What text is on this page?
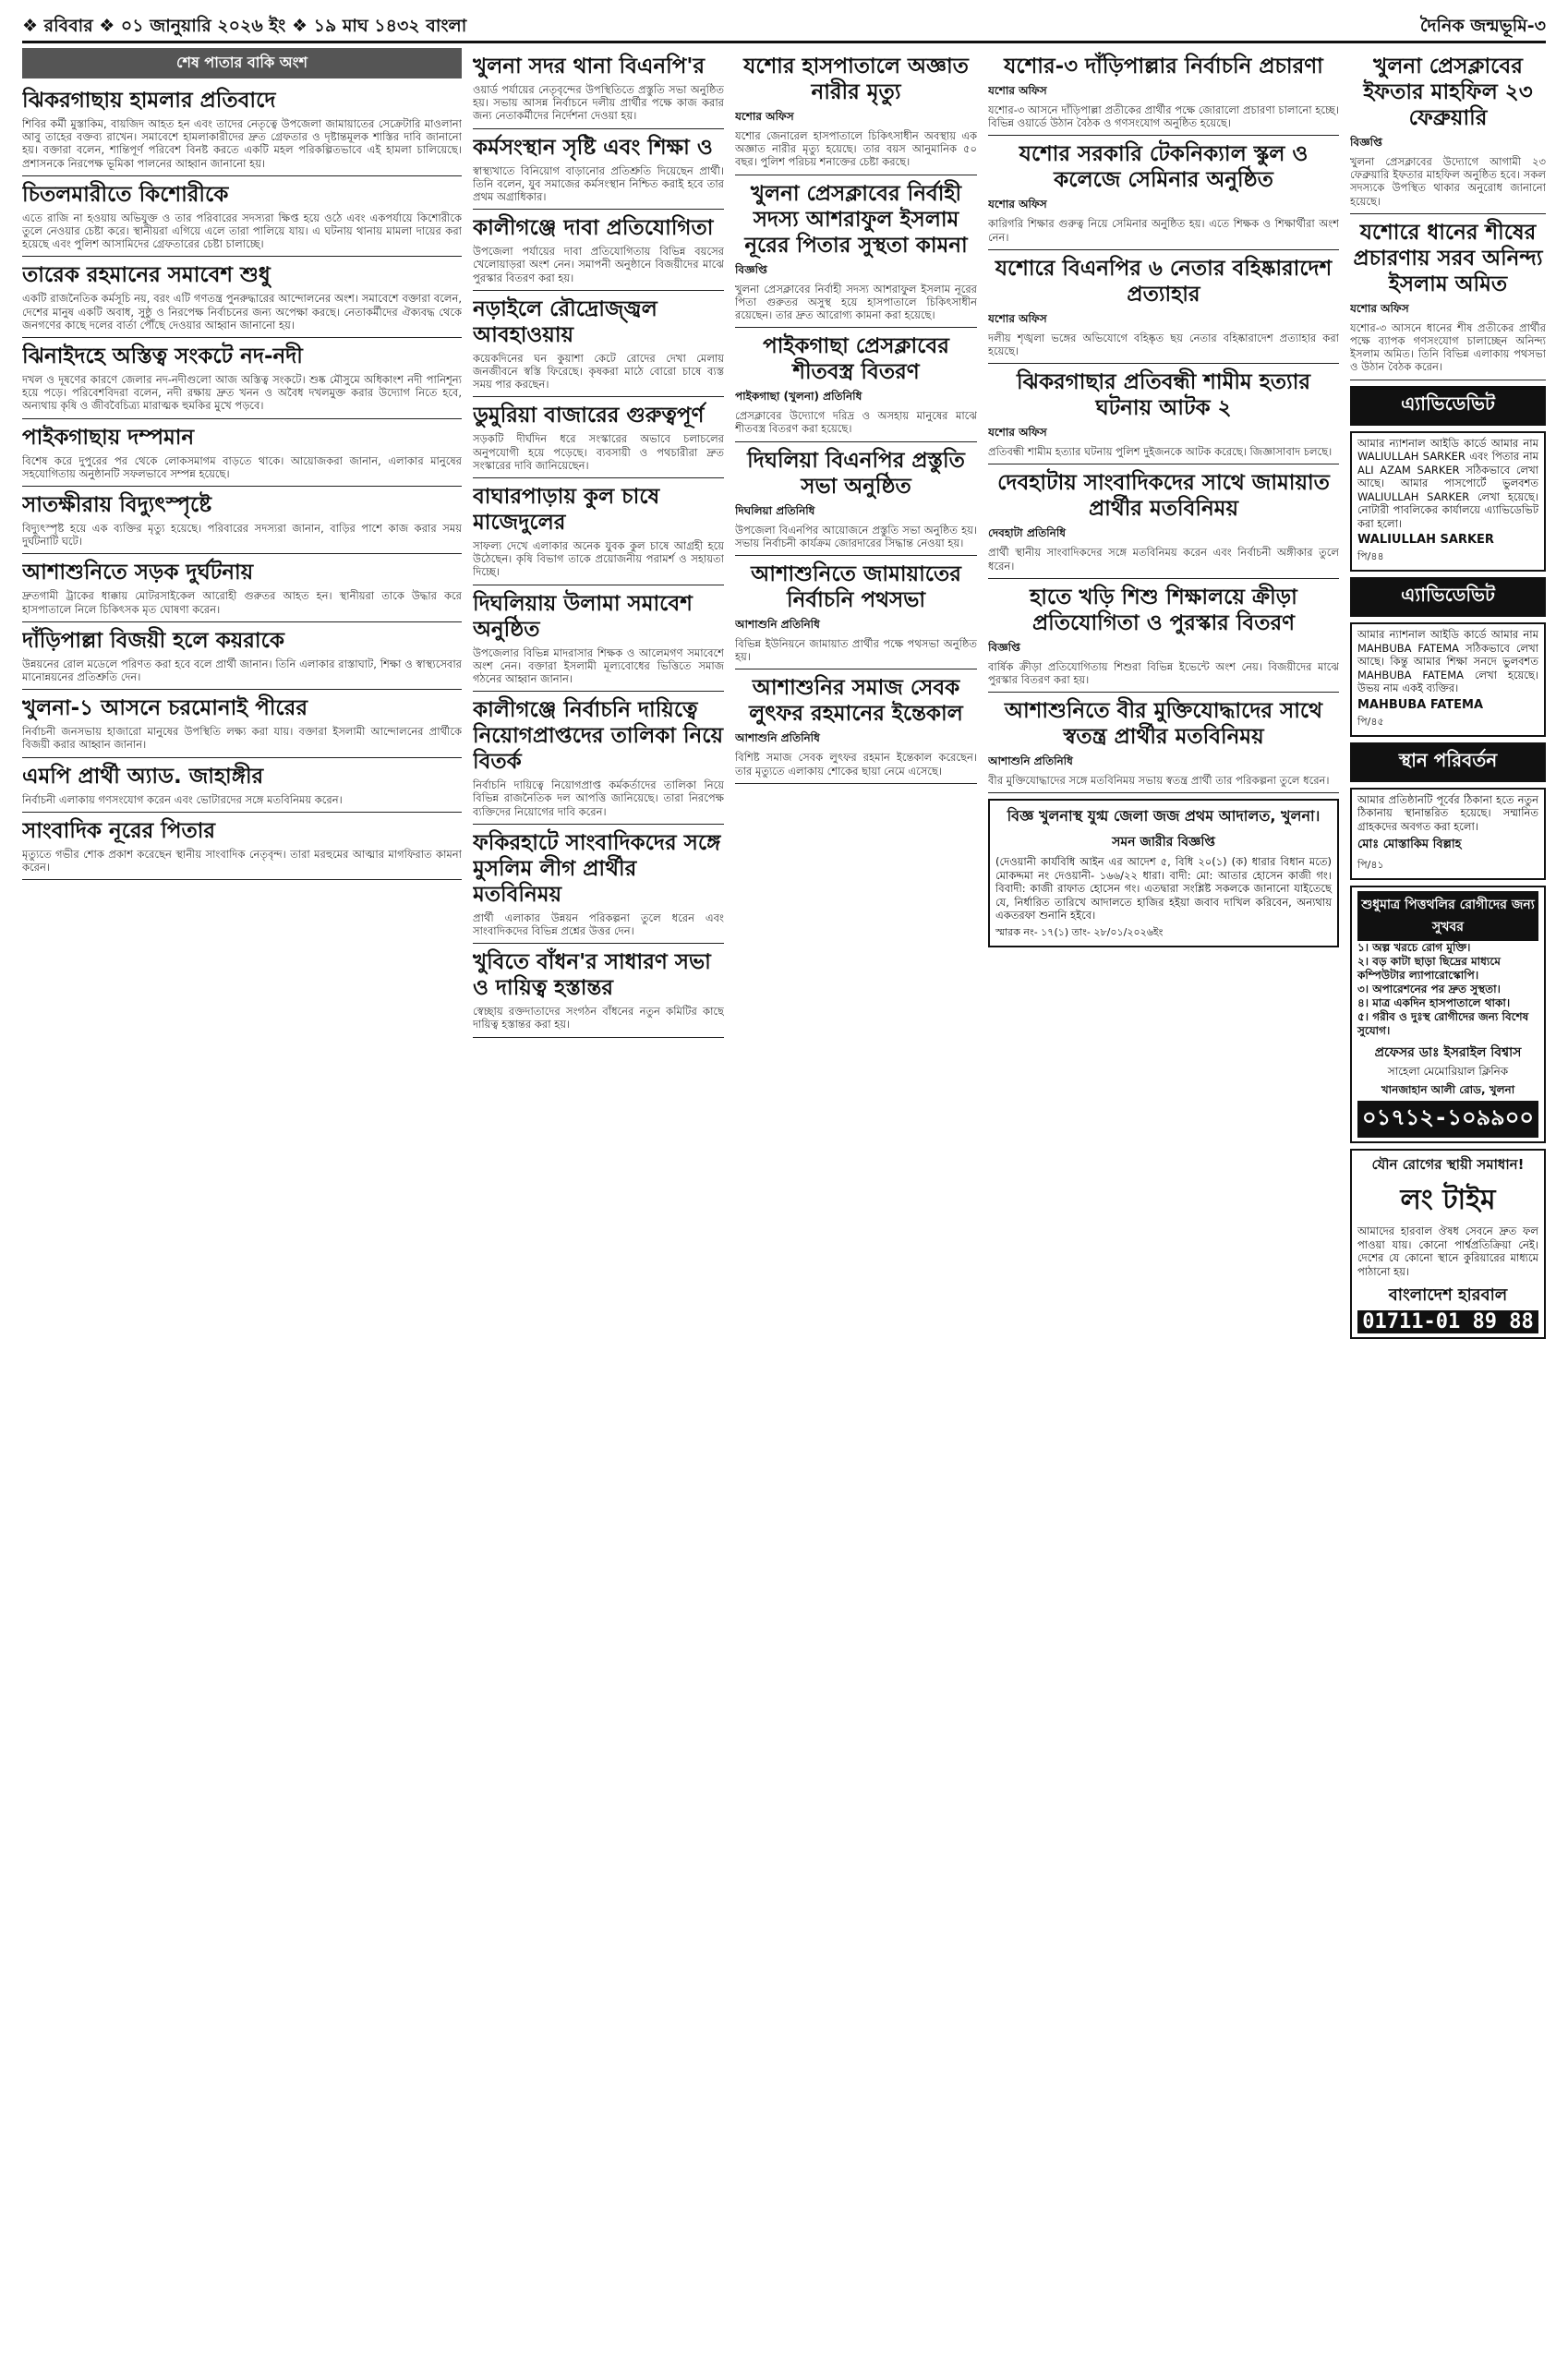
❖ রবিবার ❖ ০১ জানুয়ারি ২০২৬ ইং ❖ ১৯ মাঘ ১৪৩২ বাংলা	দৈনিক জন্মভূমি-৩
শেষ পাতার বাকি অংশ
ঝিকরগাছায় হামলার প্রতিবাদে

শিবির কর্মী মুস্তাকিম, বায়জিদ আহত হন এবং তাদের নেতৃত্বে উপজেলা জামায়াতের সেক্রেটারি মাওলানা আবু তাহের বক্তব্য রাখেন। সমাবেশে হামলাকারীদের দ্রুত গ্রেফতার ও দৃষ্টান্তমূলক শাস্তির দাবি জানানো হয়। বক্তারা বলেন, শান্তিপূর্ণ পরিবেশ বিনষ্ট করতে একটি মহল পরিকল্পিতভাবে এই হামলা চালিয়েছে। প্রশাসনকে নিরপেক্ষ ভূমিকা পালনের আহ্বান জানানো হয়।

চিতলমারীতে কিশোরীকে

এতে রাজি না হওয়ায় অভিযুক্ত ও তার পরিবারের সদস্যরা ক্ষিপ্ত হয়ে ওঠে এবং একপর্যায়ে কিশোরীকে তুলে নেওয়ার চেষ্টা করে। স্থানীয়রা এগিয়ে এলে তারা পালিয়ে যায়। এ ঘটনায় থানায় মামলা দায়ের করা হয়েছে এবং পুলিশ আসামিদের গ্রেফতারের চেষ্টা চালাচ্ছে।

তারেক রহমানের সমাবেশ শুধু

একটি রাজনৈতিক কর্মসূচি নয়, বরং এটি গণতন্ত্র পুনরুদ্ধারের আন্দোলনের অংশ। সমাবেশে বক্তারা বলেন, দেশের মানুষ একটি অবাধ, সুষ্ঠু ও নিরপেক্ষ নির্বাচনের জন্য অপেক্ষা করছে। নেতাকর্মীদের ঐক্যবদ্ধ থেকে জনগণের কাছে দলের বার্তা পৌঁছে দেওয়ার আহ্বান জানানো হয়।

ঝিনাইদহে অস্তিত্ব সংকটে নদ-নদী

দখল ও দূষণের কারণে জেলার নদ-নদীগুলো আজ অস্তিত্ব সংকটে। শুষ্ক মৌসুমে অধিকাংশ নদী পানিশূন্য হয়ে পড়ে। পরিবেশবিদরা বলেন, নদী রক্ষায় দ্রুত খনন ও অবৈধ দখলমুক্ত করার উদ্যোগ নিতে হবে, অন্যথায় কৃষি ও জীববৈচিত্র্য মারাত্মক হুমকির মুখে পড়বে।

পাইকগাছায় দম্পমান

বিশেষ করে দুপুরের পর থেকে লোকসমাগম বাড়তে থাকে। আয়োজকরা জানান, এলাকার মানুষের সহযোগিতায় অনুষ্ঠানটি সফলভাবে সম্পন্ন হয়েছে।

সাতক্ষীরায় বিদ্যুৎস্পৃষ্টে

বিদ্যুৎস্পৃষ্ট হয়ে এক ব্যক্তির মৃত্যু হয়েছে। পরিবারের সদস্যরা জানান, বাড়ির পাশে কাজ করার সময় দুর্ঘটনাটি ঘটে।

আশাশুনিতে সড়ক দুর্ঘটনায়

দ্রুতগামী ট্রাকের ধাক্কায় মোটরসাইকেল আরোহী গুরুতর আহত হন। স্থানীয়রা তাকে উদ্ধার করে হাসপাতালে নিলে চিকিৎসক মৃত ঘোষণা করেন।

দাঁড়িপাল্লা বিজয়ী হলে কয়রাকে

উন্নয়নের রোল মডেলে পরিণত করা হবে বলে প্রার্থী জানান। তিনি এলাকার রাস্তাঘাট, শিক্ষা ও স্বাস্থ্যসেবার মানোন্নয়নের প্রতিশ্রুতি দেন।

খুলনা-১ আসনে চরমোনাই পীরের

নির্বাচনী জনসভায় হাজারো মানুষের উপস্থিতি লক্ষ্য করা যায়। বক্তারা ইসলামী আন্দোলনের প্রার্থীকে বিজয়ী করার আহ্বান জানান।

এমপি প্রার্থী অ্যাড. জাহাঙ্গীর

নির্বাচনী এলাকায় গণসংযোগ করেন এবং ভোটারদের সঙ্গে মতবিনিময় করেন।

সাংবাদিক নূরের পিতার

মৃত্যুতে গভীর শোক প্রকাশ করেছেন স্থানীয় সাংবাদিক নেতৃবৃন্দ। তারা মরহুমের আত্মার মাগফিরাত কামনা করেন।

খুলনা সদর থানা বিএনপি'র

ওয়ার্ড পর্যায়ের নেতৃবৃন্দের উপস্থিতিতে প্রস্তুতি সভা অনুষ্ঠিত হয়। সভায় আসন্ন নির্বাচনে দলীয় প্রার্থীর পক্ষে কাজ করার জন্য নেতাকর্মীদের নির্দেশনা দেওয়া হয়।

কর্মসংস্থান সৃষ্টি এবং শিক্ষা ও

স্বাস্থ্যখাতে বিনিয়োগ বাড়ানোর প্রতিশ্রুতি দিয়েছেন প্রার্থী। তিনি বলেন, যুব সমাজের কর্মসংস্থান নিশ্চিত করাই হবে তার প্রথম অগ্রাধিকার।

কালীগঞ্জে দাবা প্রতিযোগিতা

উপজেলা পর্যায়ের দাবা প্রতিযোগিতায় বিভিন্ন বয়সের খেলোয়াড়রা অংশ নেন। সমাপনী অনুষ্ঠানে বিজয়ীদের মাঝে পুরস্কার বিতরণ করা হয়।

নড়াইলে রৌদ্রোজ্জ্বল আবহাওয়ায়

কয়েকদিনের ঘন কুয়াশা কেটে রোদের দেখা মেলায় জনজীবনে স্বস্তি ফিরেছে। কৃষকরা মাঠে বোরো চাষে ব্যস্ত সময় পার করছেন।

ডুমুরিয়া বাজারের গুরুত্বপূর্ণ

সড়কটি দীর্ঘদিন ধরে সংস্কারের অভাবে চলাচলের অনুপযোগী হয়ে পড়েছে। ব্যবসায়ী ও পথচারীরা দ্রুত সংস্কারের দাবি জানিয়েছেন।

বাঘারপাড়ায় কুল চাষে মাজেদুলের

সাফল্য দেখে এলাকার অনেক যুবক কুল চাষে আগ্রহী হয়ে উঠেছেন। কৃষি বিভাগ তাকে প্রয়োজনীয় পরামর্শ ও সহায়তা দিচ্ছে।

দিঘলিয়ায় উলামা সমাবেশ অনুষ্ঠিত

উপজেলার বিভিন্ন মাদরাসার শিক্ষক ও আলেমগণ সমাবেশে অংশ নেন। বক্তারা ইসলামী মূল্যবোধের ভিত্তিতে সমাজ গঠনের আহ্বান জানান।

কালীগঞ্জে নির্বাচনি দায়িত্বে নিয়োগপ্রাপ্তদের তালিকা নিয়ে বিতর্ক

নির্বাচনি দায়িত্বে নিয়োগপ্রাপ্ত কর্মকর্তাদের তালিকা নিয়ে বিভিন্ন রাজনৈতিক দল আপত্তি জানিয়েছে। তারা নিরপেক্ষ ব্যক্তিদের নিয়োগের দাবি করেন।

ফকিরহাটে সাংবাদিকদের সঙ্গে মুসলিম লীগ প্রার্থীর মতবিনিময়

প্রার্থী এলাকার উন্নয়ন পরিকল্পনা তুলে ধরেন এবং সাংবাদিকদের বিভিন্ন প্রশ্নের উত্তর দেন।

খুবিতে বাঁধন'র সাধারণ সভা ও দায়িত্ব হস্তান্তর

স্বেচ্ছায় রক্তদাতাদের সংগঠন বাঁধনের নতুন কমিটির কাছে দায়িত্ব হস্তান্তর করা হয়।

যশোর হাসপাতালে অজ্ঞাত নারীর মৃত্যু
যশোর অফিস

যশোর জেনারেল হাসপাতালে চিকিৎসাধীন অবস্থায় এক অজ্ঞাত নারীর মৃত্যু হয়েছে। তার বয়স আনুমানিক ৫০ বছর। পুলিশ পরিচয় শনাক্তের চেষ্টা করছে।

খুলনা প্রেসক্লাবের নির্বাহী সদস্য আশরাফুল ইসলাম নূরের পিতার সুস্থতা কামনা
বিজ্ঞপ্তি

খুলনা প্রেসক্লাবের নির্বাহী সদস্য আশরাফুল ইসলাম নূরের পিতা গুরুতর অসুস্থ হয়ে হাসপাতালে চিকিৎসাধীন রয়েছেন। তার দ্রুত আরোগ্য কামনা করা হয়েছে।

পাইকগাছা প্রেসক্লাবের শীতবস্ত্র বিতরণ
পাইকগাছা (খুলনা) প্রতিনিধি

প্রেসক্লাবের উদ্যোগে দরিদ্র ও অসহায় মানুষের মাঝে শীতবস্ত্র বিতরণ করা হয়েছে।

দিঘলিয়া বিএনপির প্রস্তুতি সভা অনুষ্ঠিত
দিঘলিয়া প্রতিনিধি

উপজেলা বিএনপির আয়োজনে প্রস্তুতি সভা অনুষ্ঠিত হয়। সভায় নির্বাচনী কার্যক্রম জোরদারের সিদ্ধান্ত নেওয়া হয়।

আশাশুনিতে জামায়াতের নির্বাচনি পথসভা
আশাশুনি প্রতিনিধি

বিভিন্ন ইউনিয়নে জামায়াত প্রার্থীর পক্ষে পথসভা অনুষ্ঠিত হয়।

আশাশুনির সমাজ সেবক লুৎফর রহমানের ইন্তেকাল
আশাশুনি প্রতিনিধি

বিশিষ্ট সমাজ সেবক লুৎফর রহমান ইন্তেকাল করেছেন। তার মৃত্যুতে এলাকায় শোকের ছায়া নেমে এসেছে।

যশোর-৩ দাঁড়িপাল্লার নির্বাচনি প্রচারণা
যশোর অফিস

যশোর-৩ আসনে দাঁড়িপাল্লা প্রতীকের প্রার্থীর পক্ষে জোরালো প্রচারণা চালানো হচ্ছে। বিভিন্ন ওয়ার্ডে উঠান বৈঠক ও গণসংযোগ অনুষ্ঠিত হয়েছে।

যশোর সরকারি টেকনিক্যাল স্কুল ও কলেজে সেমিনার অনুষ্ঠিত
যশোর অফিস

কারিগরি শিক্ষার গুরুত্ব নিয়ে সেমিনার অনুষ্ঠিত হয়। এতে শিক্ষক ও শিক্ষার্থীরা অংশ নেন।

যশোরে বিএনপির ৬ নেতার বহিষ্কারাদেশ প্রত্যাহার
যশোর অফিস

দলীয় শৃঙ্খলা ভঙ্গের অভিযোগে বহিষ্কৃত ছয় নেতার বহিষ্কারাদেশ প্রত্যাহার করা হয়েছে।

ঝিকরগাছার প্রতিবন্ধী শামীম হত্যার ঘটনায় আটক ২
যশোর অফিস

প্রতিবন্ধী শামীম হত্যার ঘটনায় পুলিশ দুইজনকে আটক করেছে। জিজ্ঞাসাবাদ চলছে।

দেবহাটায় সাংবাদিকদের সাথে জামায়াত প্রার্থীর মতবিনিময়
দেবহাটা প্রতিনিধি

প্রার্থী স্থানীয় সাংবাদিকদের সঙ্গে মতবিনিময় করেন এবং নির্বাচনী অঙ্গীকার তুলে ধরেন।

হাতে খড়ি শিশু শিক্ষালয়ে ক্রীড়া প্রতিযোগিতা ও পুরস্কার বিতরণ
বিজ্ঞপ্তি

বার্ষিক ক্রীড়া প্রতিযোগিতায় শিশুরা বিভিন্ন ইভেন্টে অংশ নেয়। বিজয়ীদের মাঝে পুরস্কার বিতরণ করা হয়।

আশাশুনিতে বীর মুক্তিযোদ্ধাদের সাথে স্বতন্ত্র প্রার্থীর মতবিনিময়
আশাশুনি প্রতিনিধি

বীর মুক্তিযোদ্ধাদের সঙ্গে মতবিনিময় সভায় স্বতন্ত্র প্রার্থী তার পরিকল্পনা তুলে ধরেন।

বিজ্ঞ খুলনাস্থ যুগ্ম জেলা জজ প্রথম আদালত, খুলনা।
সমন জারীর বিজ্ঞপ্তি

(দেওয়ানী কার্যবিধি আইন এর আদেশ ৫, বিধি ২০(১) (ক) ধারার বিধান মতে) মোকদ্দমা নং দেওয়ানী- ১৬৬/২২ ধারা। বাদী: মো: আতার হোসেন কাজী গং। বিবাদী: কাজী রাফাত হোসেন গং। এতদ্বারা সংশ্লিষ্ট সকলকে জানানো যাইতেছে যে, নির্ধারিত তারিখে আদালতে হাজির হইয়া জবাব দাখিল করিবেন, অন্যথায় একতরফা শুনানি হইবে।

স্মারক নং- ১৭(১) তাং- ২৮/০১/২০২৬ইং
খুলনা প্রেসক্লাবের ইফতার মাহফিল ২৩ ফেব্রুয়ারি
বিজ্ঞপ্তি

খুলনা প্রেসক্লাবের উদ্যোগে আগামী ২৩ ফেব্রুয়ারি ইফতার মাহফিল অনুষ্ঠিত হবে। সকল সদস্যকে উপস্থিত থাকার অনুরোধ জানানো হয়েছে।

যশোরে ধানের শীষের প্রচারণায় সরব অনিন্দ্য ইসলাম অমিত
যশোর অফিস

যশোর-৩ আসনে ধানের শীষ প্রতীকের প্রার্থীর পক্ষে ব্যাপক গণসংযোগ চালাচ্ছেন অনিন্দ্য ইসলাম অমিত। তিনি বিভিন্ন এলাকায় পথসভা ও উঠান বৈঠক করেন।

এ্যাভিডেভিট

আমার ন্যাশনাল আইডি কার্ডে আমার নাম WALIULLAH SARKER এবং পিতার নাম ALI AZAM SARKER সঠিকভাবে লেখা আছে। আমার পাসপোর্টে ভুলবশত WALIULLAH SARKER লেখা হয়েছে। নোটারী পাবলিকের কার্যালয়ে এ্যাভিডেভিট করা হলো।

WALIULLAH SARKER
পি/৪৪
এ্যাভিডেভিট

আমার ন্যাশনাল আইডি কার্ডে আমার নাম MAHBUBA FATEMA সঠিকভাবে লেখা আছে। কিন্তু আমার শিক্ষা সনদে ভুলবশত MAHBUBA FATEMA লেখা হয়েছে। উভয় নাম একই ব্যক্তির।

MAHBUBA FATEMA
পি/৪৫
স্থান পরিবর্তন

আমার প্রতিষ্ঠানটি পূর্বের ঠিকানা হতে নতুন ঠিকানায় স্থানান্তরিত হয়েছে। সম্মানিত গ্রাহকদের অবগত করা হলো।

মোঃ মোস্তাকিম বিল্লাহ
পি/৪১
শুধুমাত্র পিত্তথলির রোগীদের জন্য সুখবর
১। অল্প খরচে রোগ মুক্তি।
২। বড় কাটা ছাড়া ছিদ্রের মাধ্যমে কম্পিউটার ল্যাপারোস্কোপি।
৩। অপারেশনের পর দ্রুত সুস্থতা।
৪। মাত্র একদিন হাসপাতালে থাকা।
৫। গরীব ও দুঃস্থ রোগীদের জন্য বিশেষ সুযোগ।
প্রফেসর ডাঃ ইসরাইল বিশ্বাস
সাহেলা মেমোরিয়াল ক্লিনিক
খানজাহান আলী রোড, খুলনা
০১৭১২-১০৯৯০০
যৌন রোগের স্থায়ী সমাধান!
লং টাইম

আমাদের হারবাল ঔষধ সেবনে দ্রুত ফল পাওয়া যায়। কোনো পার্শ্বপ্রতিক্রিয়া নেই। দেশের যে কোনো স্থানে কুরিয়ারের মাধ্যমে পাঠানো হয়।

বাংলাদেশ হারবাল
01711-01 89 88
